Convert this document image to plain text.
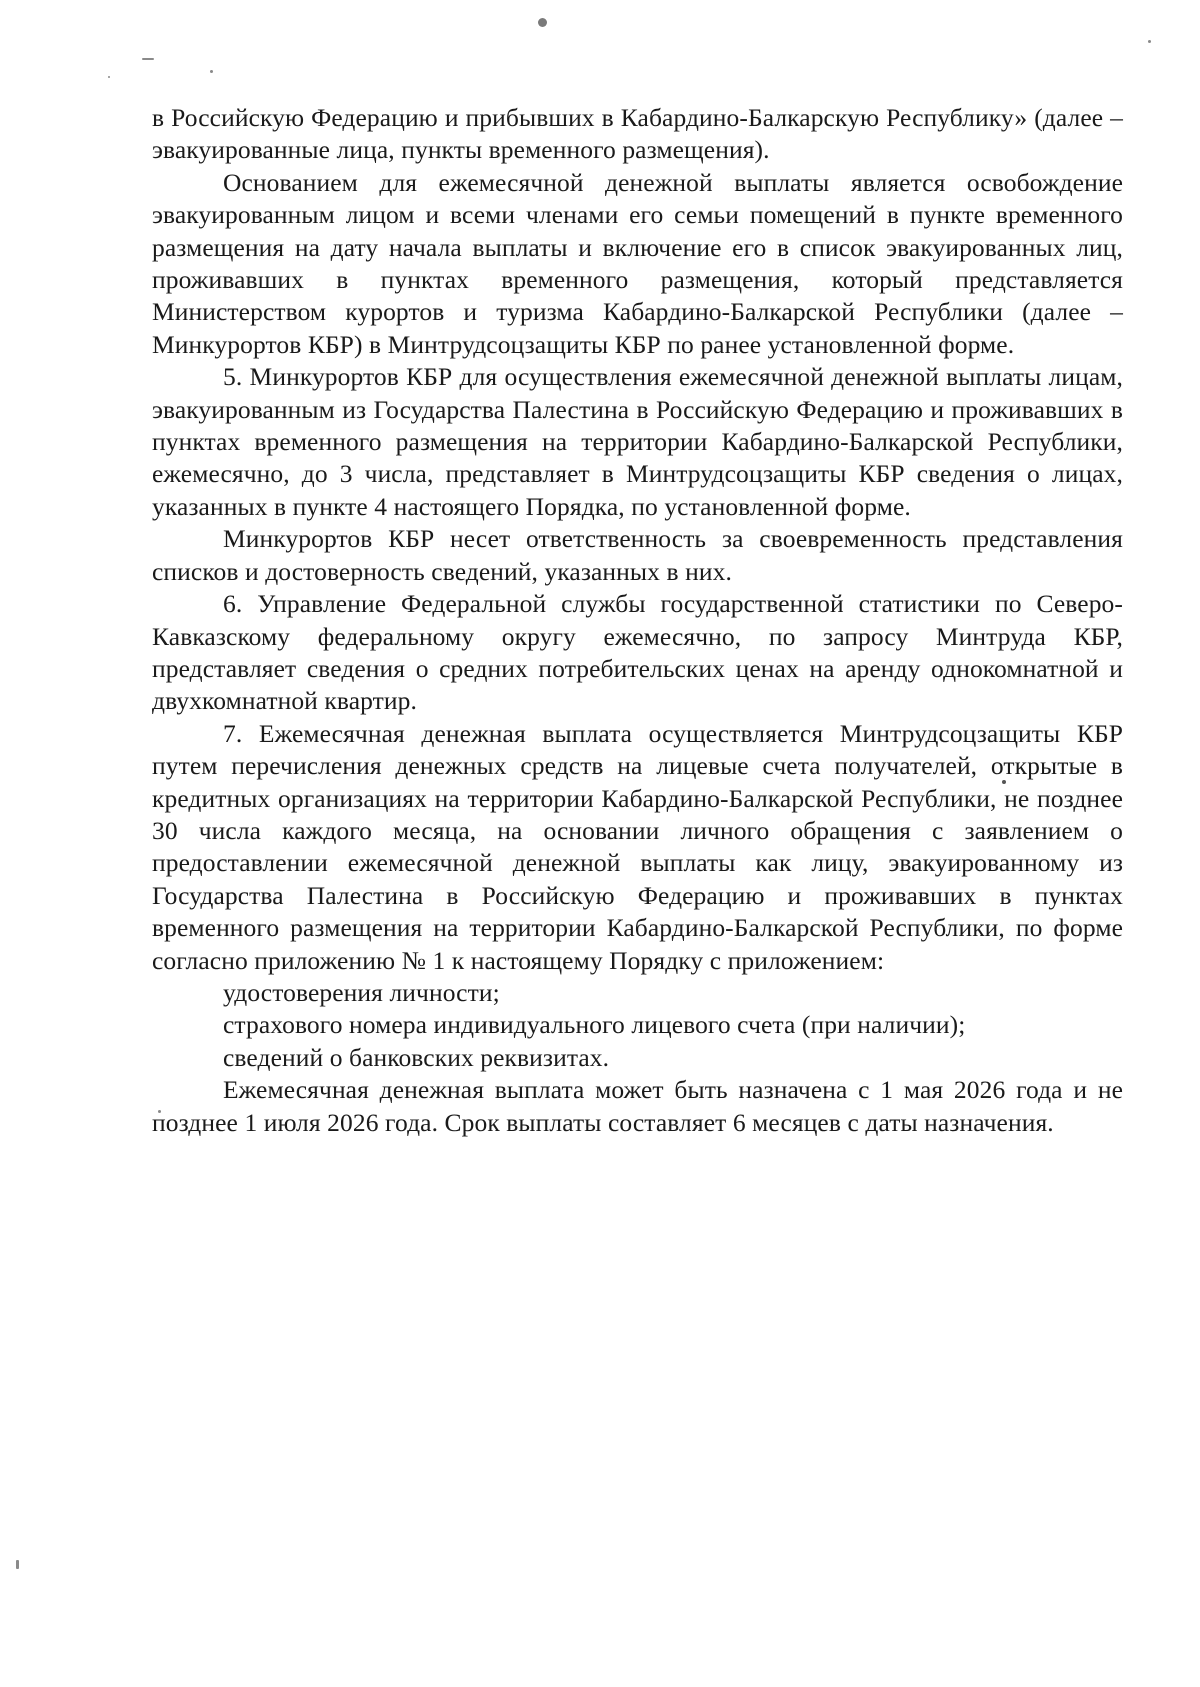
в Российскую Федерацию и прибывших в Кабардино-Балкарскую Республику» (далее – эвакуированные лица, пункты временного размещения).

Основанием для ежемесячной денежной выплаты является освобождение эвакуированным лицом и всеми членами его семьи помещений в пункте временного размещения на дату начала выплаты и включение его в список эвакуированных лиц, проживавших в пунктах временного размещения, который представляется Министерством курортов и туризма Кабардино-Балкарской Республики (далее – Минкурортов КБР) в Минтрудсоцзащиты КБР по ранее установленной форме.

5. Минкурортов КБР для осуществления ежемесячной денежной выплаты лицам, эвакуированным из Государства Палестина в Российскую Федерацию и проживавших в пунктах временного размещения на территории Кабардино-Балкарской Республики, ежемесячно, до 3 числа, представляет в Минтрудсоцзащиты КБР сведения о лицах, указанных в пункте 4 настоящего Порядка, по установленной форме.

Минкурортов КБР несет ответственность за своевременность представления списков и достоверность сведений, указанных в них.

6. Управление Федеральной службы государственной статистики по Северо-Кавказскому федеральному округу ежемесячно, по запросу Минтруда КБР, представляет сведения о средних потребительских ценах на аренду однокомнатной и двухкомнатной квартир.

7. Ежемесячная денежная выплата осуществляется Минтрудсоцзащиты КБР путем перечисления денежных средств на лицевые счета получателей, открытые в кредитных организациях на территории Кабардино-Балкарской Республики, не позднее 30 числа каждого месяца, на основании личного обращения с заявлением о предоставлении ежемесячной денежной выплаты как лицу, эвакуированному из Государства Палестина в Российскую Федерацию и проживавших в пунктах временного размещения на территории Кабардино-Балкарской Республики, по форме согласно приложению № 1 к настоящему Порядку с приложением:

удостоверения личности;

страхового номера индивидуального лицевого счета (при наличии);

сведений о банковских реквизитах.

Ежемесячная денежная выплата может быть назначена с 1 мая 2026 года и не позднее 1 июля 2026 года. Срок выплаты составляет 6 месяцев с даты назначения.
